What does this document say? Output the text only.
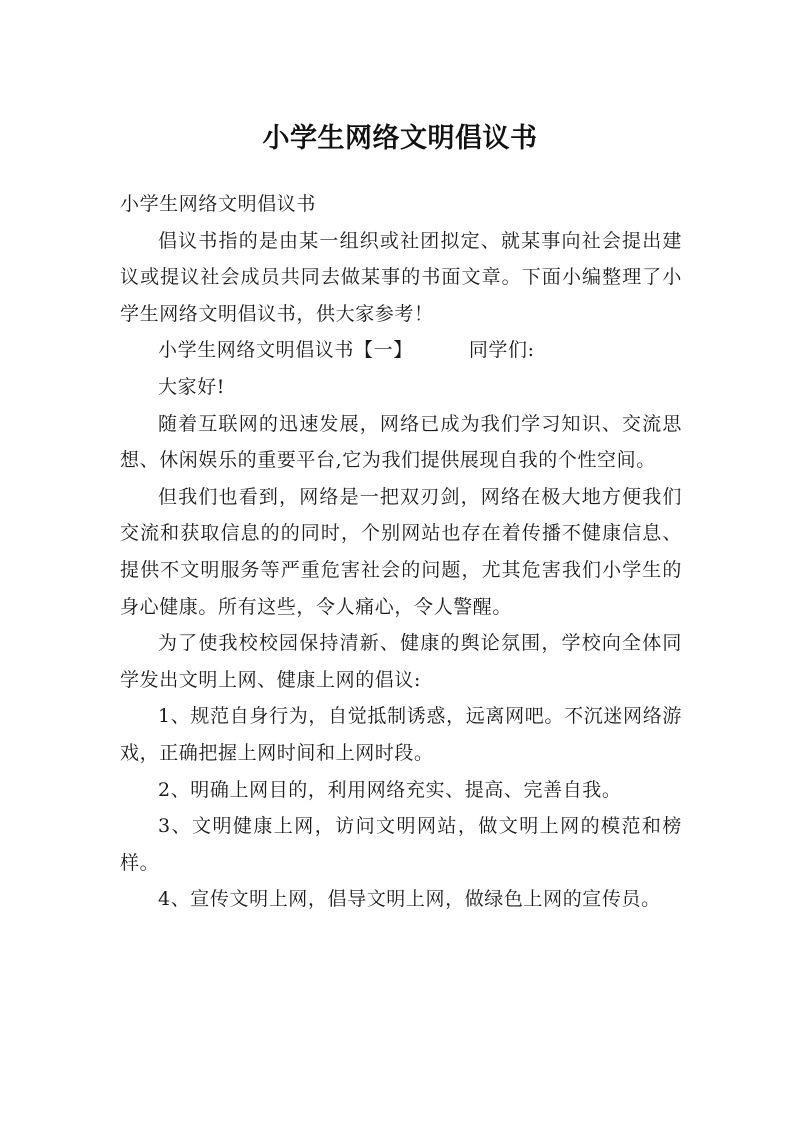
小学生网络文明倡议书

小学生网络文明倡议书

倡议书指的是由某一组织或社团拟定、就某事向社会提出建议或提议社会成员共同去做某事的书面文章。下面小编整理了小学生网络文明倡议书，供大家参考！

小学生网络文明倡议书【一】	同学们:

大家好!

随着互联网的迅速发展，网络已成为我们学习知识、交流思想、休闲娱乐的重要平台,它为我们提供展现自我的个性空间。

但我们也看到，网络是一把双刃剑，网络在极大地方便我们交流和获取信息的的同时，个别网站也存在着传播不健康信息、提供不文明服务等严重危害社会的问题，尤其危害我们小学生的身心健康。所有这些，令人痛心，令人警醒。

为了使我校校园保持清新、健康的舆论氛围，学校向全体同学发出文明上网、健康上网的倡议:

1、规范自身行为，自觉抵制诱惑，远离网吧。不沉迷网络游戏，正确把握上网时间和上网时段。

2、明确上网目的，利用网络充实、提高、完善自我。

3、文明健康上网，访问文明网站，做文明上网的模范和榜样。

4、宣传文明上网，倡导文明上网，做绿色上网的宣传员。
